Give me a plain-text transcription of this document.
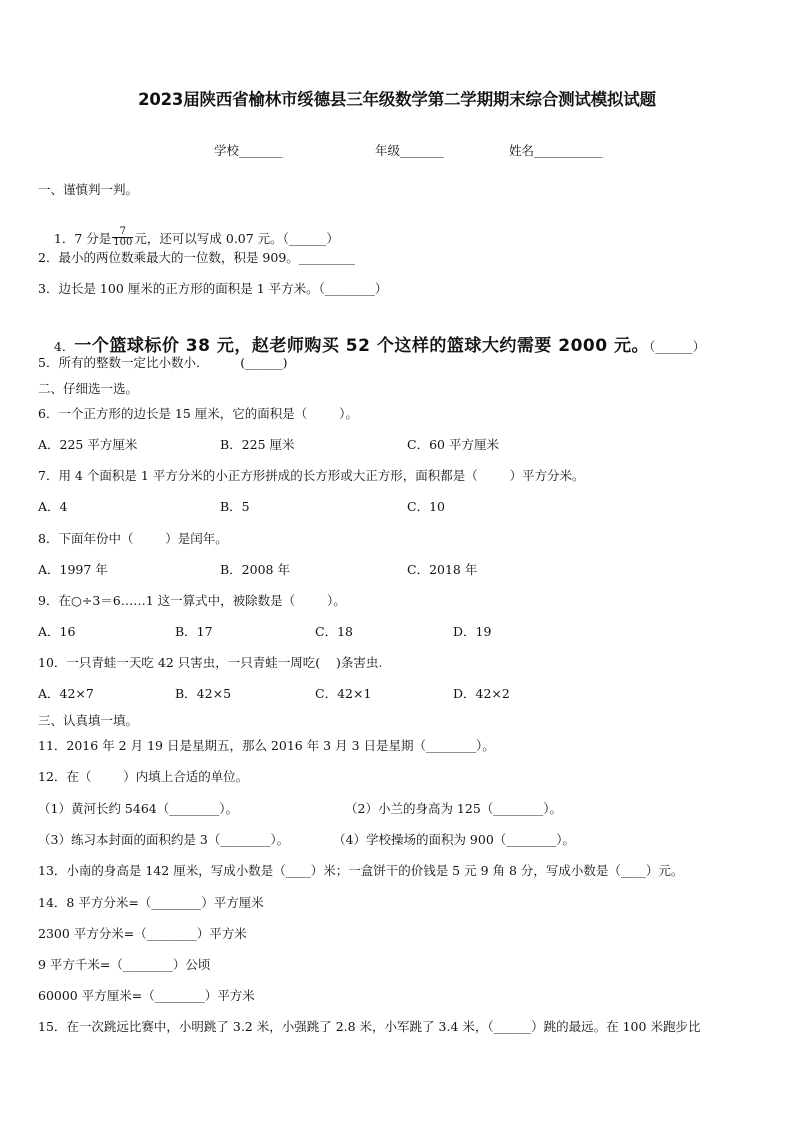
2023届陕西省榆林市绥德县三年级数学第二学期期末综合测试模拟试题
学校_______	年级_______	姓名___________
一、谨慎判一判。

1．7 分是 $\frac{7}{100}$ 元，还可以写成 0.07 元。（______）

2．最小的两位数乘最大的一位数，积是 909。_________
3．边长是 100 厘米的正方形的面积是 1 平方米。（________）

4．一个篮球标价 38 元，赵老师购买 52 个这样的篮球大约需要 2000 元。（______）

5．所有的整数一定比小数小．        (______)
二、仔细选一选。
6．一个正方形的边长是 15 厘米，它的面积是（        ）。
A．225 平方厘米	B．225 厘米	C．60 平方厘米
7．用 4 个面积是 1 平方分米的小正方形拼成的长方形或大正方形，面积都是（        ）平方分米。
A．4	B．5	C．10
8．下面年份中（        ）是闰年。
A．1997 年	B．2008 年	C．2018 年
9．在○÷3＝6……1 这一算式中，被除数是（        ）。
A．16	B．17	C．18	D．19
10．一只青蛙一天吃 42 只害虫，一只青蛙一周吃(    )条害虫.
A．42×7	B．42×5	C．42×1	D．42×2
三、认真填一填。
11．2016 年 2 月 19 日是星期五，那么 2016 年 3 月 3 日是星期（________）。
12．在（        ）内填上合适的单位。
（1）黄河长约 5464（________）。	（2）小兰的身高为 125（________）。
（3）练习本封面的面积约是 3（________）。	（4）学校操场的面积为 900（________）。
13．小南的身高是 142 厘米，写成小数是（____）米；一盒饼干的价钱是 5 元 9 角 8 分，写成小数是（____）元。
14．8 平方分米=（________）平方厘米
2300 平方分米=（________）平方米
9 平方千米=（________）公顷
60000 平方厘米=（________）平方米
15．在一次跳远比赛中，小明跳了 3.2 米，小强跳了 2.8 米，小军跳了 3.4 米，（______）跳的最远。在 100 米跑步比
